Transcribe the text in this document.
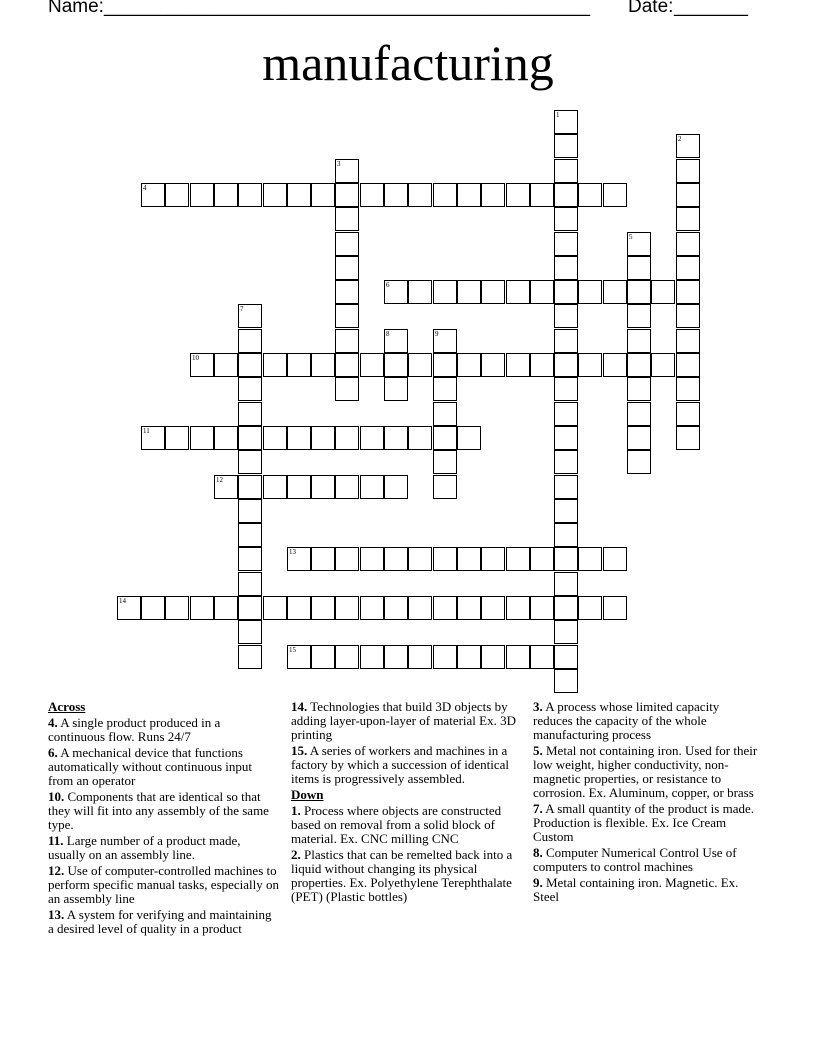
Name: ______________________________________________ Date: _______
manufacturing
1
2
3
4
5
6
7
8	9
10
11
12
13
14
15
Across
4. A single product produced in a continuous flow. Runs 24/7
6. A mechanical device that functions automatically without continuous input from an operator
10. Components that are identical so that they will fit into any assembly of the same type.
11. Large number of a product made, usually on an assembly line.
12. Use of computer-controlled machines to perform specific manual tasks, especially on an assembly line
13. A system for verifying and maintaining a desired level of quality in a product
14. Technologies that build 3D objects by adding layer-upon-layer of material Ex. 3D printing
15. A series of workers and machines in a factory by which a succession of identical items is progressively assembled.
Down
1. Process where objects are constructed based on removal from a solid block of material. Ex. CNC milling CNC
2. Plastics that can be remelted back into a liquid without changing its physical properties. Ex. Polyethylene Terephthalate (PET) (Plastic bottles)
3. A process whose limited capacity reduces the capacity of the whole manufacturing process
5. Metal not containing iron. Used for their low weight, higher conductivity, non-magnetic properties, or resistance to corrosion. Ex. Aluminum, copper, or brass
7. A small quantity of the product is made. Production is flexible. Ex. Ice Cream Custom
8. Computer Numerical Control Use of computers to control machines
9. Metal containing iron. Magnetic. Ex. Steel
